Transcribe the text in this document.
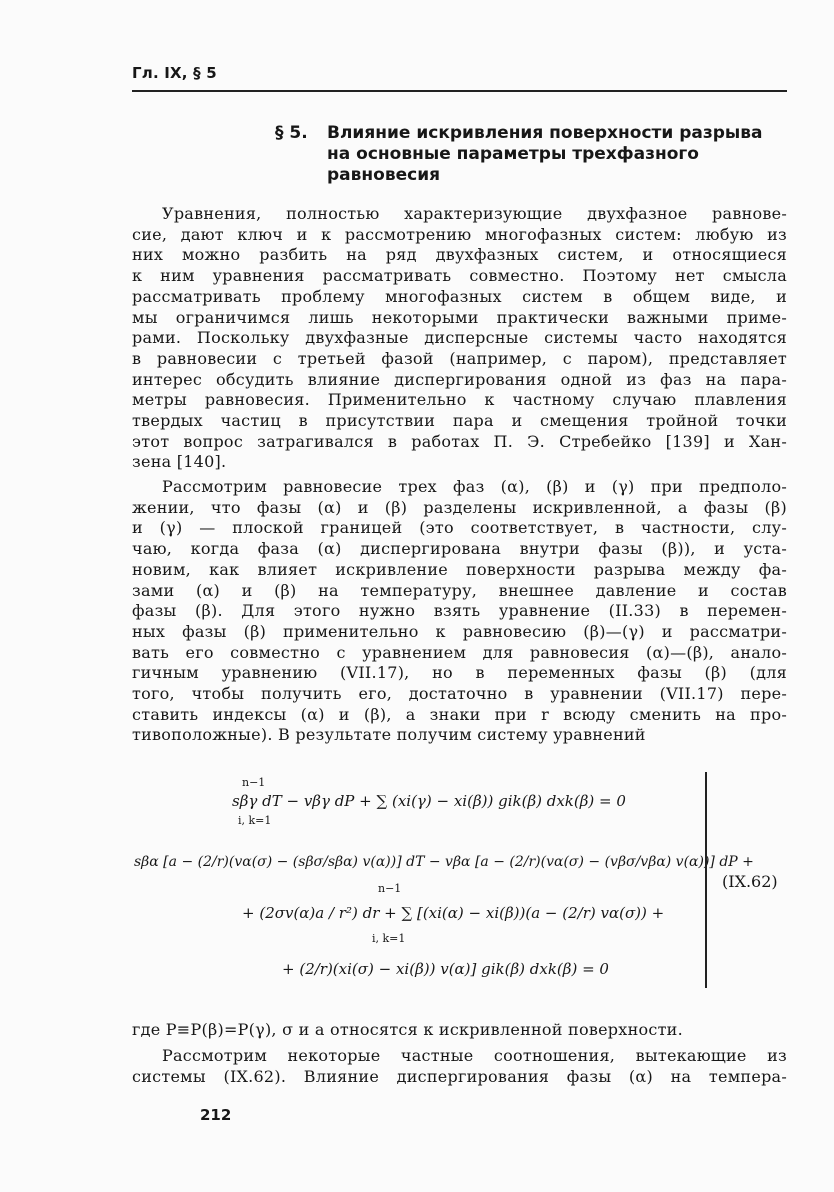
Гл. IX, § 5
§ 5. Влияние искривления поверхности разрыва
на основные параметры трехфазного
равновесия
Уравнения, полностью характеризующие двухфазное равнове-
сие, дают ключ и к рассмотрению многофазных систем: любую из
них можно разбить на ряд двухфазных систем, и относящиеся
к ним уравнения рассматривать совместно. Поэтому нет смысла
рассматривать проблему многофазных систем в общем виде, и
мы ограничимся лишь некоторыми практически важными приме-
рами. Поскольку двухфазные дисперсные системы часто находятся
в равновесии с третьей фазой (например, с паром), представляет
интерес обсудить влияние диспергирования одной из фаз на пара-
метры равновесия. Применительно к частному случаю плавления
твердых частиц в присутствии пара и смещения тройной точки
этот вопрос затрагивался в работах П. Э. Стребейко [139] и Хан-
зена [140].
Рассмотрим равновесие трех фаз (α), (β) и (γ) при предполо-
жении, что фазы (α) и (β) разделены искривленной, а фазы (β)
и (γ) — плоской границей (это соответствует, в частности, слу-
чаю, когда фаза (α) диспергирована внутри фазы (β)), и уста-
новим, как влияет искривление поверхности разрыва между фа-
зами (α) и (β) на температуру, внешнее давление и состав
фазы (β). Для этого нужно взять уравнение (II.33) в перемен-
ных фазы (β) применительно к равновесию (β)—(γ) и рассматри-
вать его совместно с уравнением для равновесия (α)—(β), анало-
гичным уравнению (VII.17), но в переменных фазы (β) (для
того, чтобы получить его, достаточно в уравнении (VII.17) пере-
ставить индексы (α) и (β), а знаки при r всюду сменить на про-
тивоположные). В результате получим систему уравнений
n−1
sβγ dT − vβγ dP + ∑ (xi(γ) − xi(β)) gik(β) dxk(β) = 0
i, k=1
sβα [a − (2/r)(vα(σ) − (sβσ/sβα) v(α))] dT − vβα [a − (2/r)(vα(σ) − (vβσ/vβα) v(α))] dP +
n−1
+ (2σv(α)a / r²) dr + ∑ [(xi(α) − xi(β))(a − (2/r) vα(σ)) +
i, k=1
+ (2/r)(xi(σ) − xi(β)) v(α)] gik(β) dxk(β) = 0
(IX.62)
где P≡P(β)=P(γ), σ и a относятся к искривленной поверхности.
Рассмотрим некоторые частные соотношения, вытекающие из
системы (IX.62). Влияние диспергирования фазы (α) на темпера-
212
